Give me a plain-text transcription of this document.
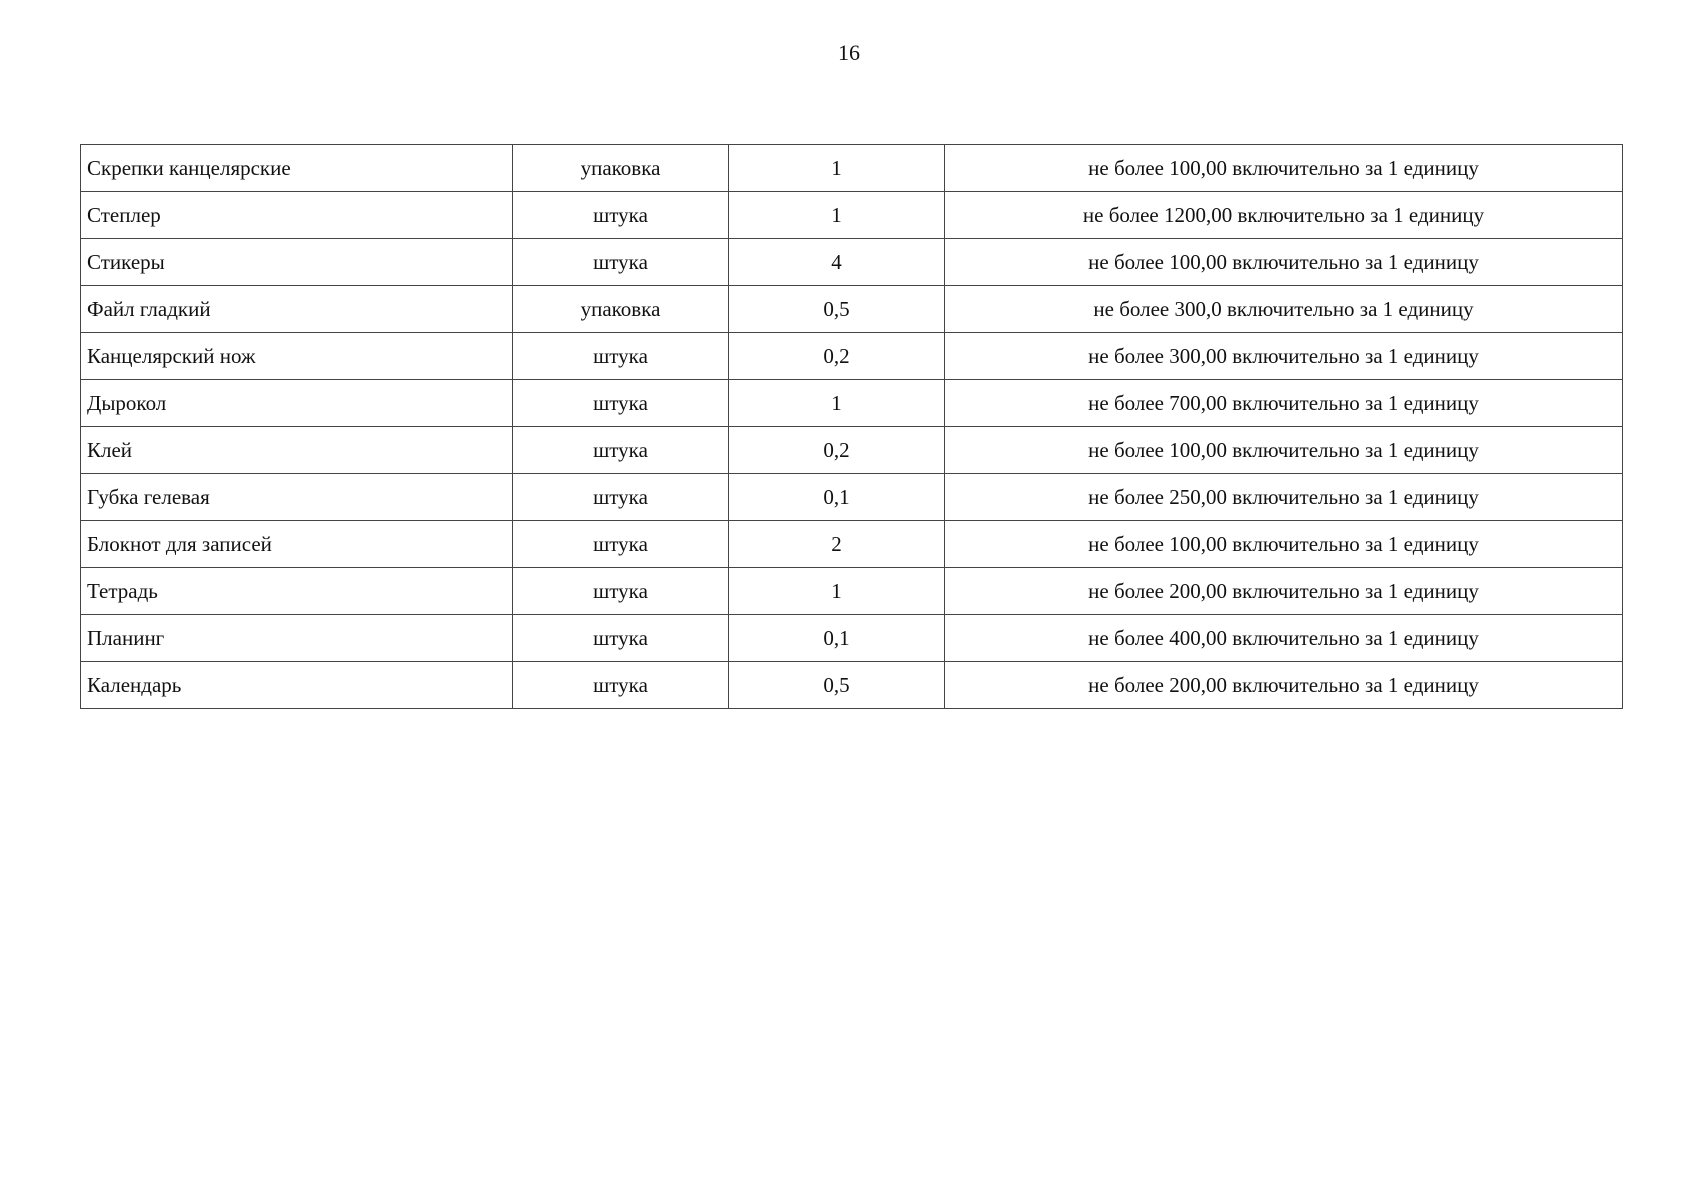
16
Скрепки канцелярские	упаковка	1	не более 100,00 включительно за 1 единицу
Степлер	штука	1	не более 1200,00 включительно за 1 единицу
Стикеры	штука	4	не более 100,00 включительно за 1 единицу
Файл гладкий	упаковка	0,5	не более 300,0 включительно за 1 единицу
Канцелярский нож	штука	0,2	не более 300,00 включительно за 1 единицу
Дырокол	штука	1	не более 700,00 включительно за 1 единицу
Клей	штука	0,2	не более 100,00 включительно за 1 единицу
Губка гелевая	штука	0,1	не более 250,00 включительно за 1 единицу
Блокнот для записей	штука	2	не более 100,00 включительно за 1 единицу
Тетрадь	штука	1	не более 200,00 включительно за 1 единицу
Планинг	штука	0,1	не более 400,00 включительно за 1 единицу
Календарь	штука	0,5	не более 200,00 включительно за 1 единицу
